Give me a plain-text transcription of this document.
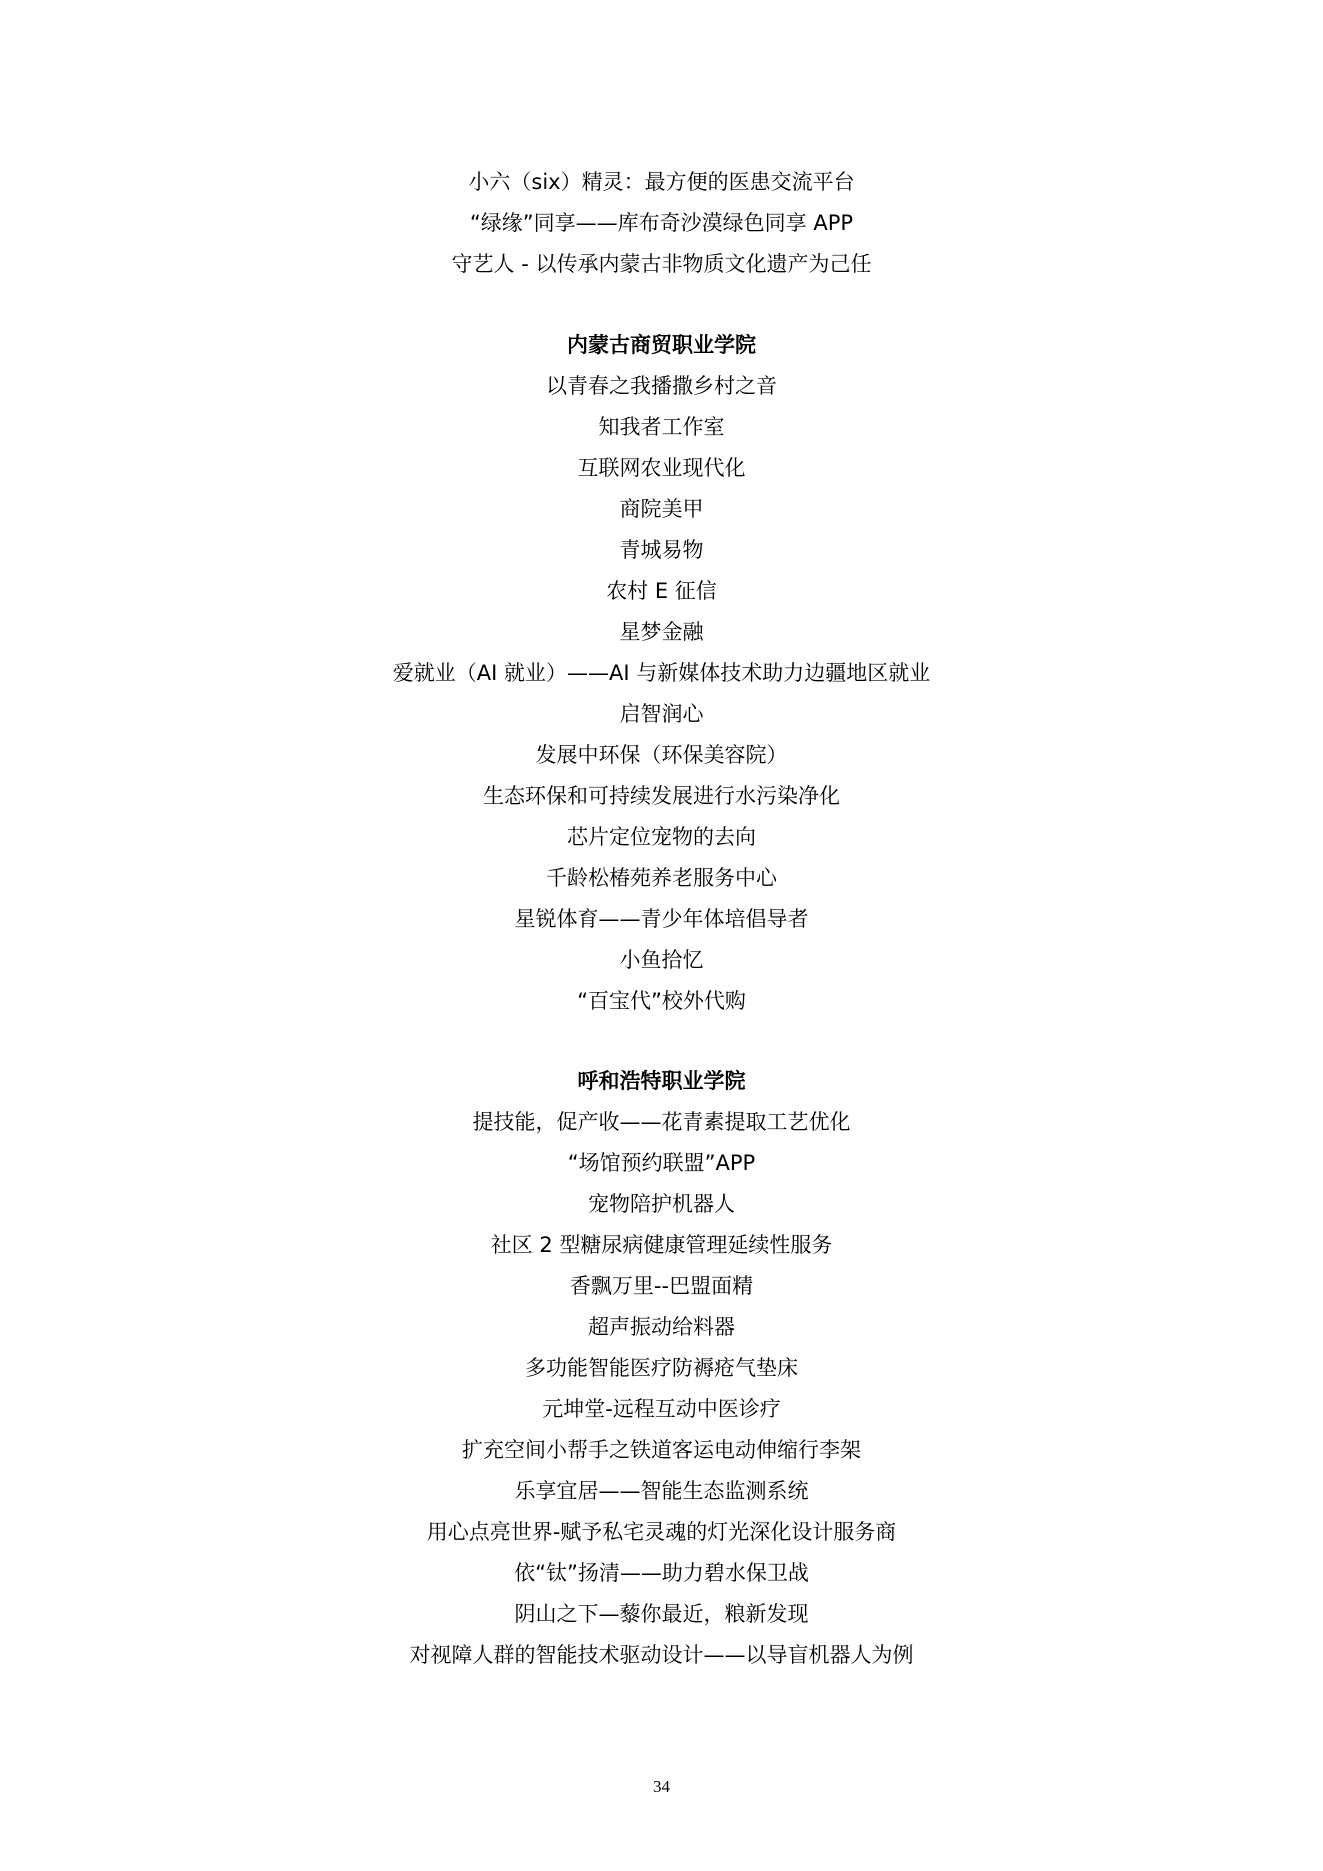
小六（six）精灵：最方便的医患交流平台
“绿缘”同享——库布奇沙漠绿色同享 APP
守艺人 - 以传承内蒙古非物质文化遗产为己任
内蒙古商贸职业学院
以青春之我播撒乡村之音
知我者工作室
互联网农业现代化
商院美甲
青城易物
农村 E 征信
星梦金融
爱就业（AI 就业）——AI 与新媒体技术助力边疆地区就业
启智润心
发展中环保（环保美容院）
生态环保和可持续发展进行水污染净化
芯片定位宠物的去向
千龄松椿苑养老服务中心
星锐体育——青少年体培倡导者
小鱼拾忆
“百宝代”校外代购
呼和浩特职业学院
提技能，促产收——花青素提取工艺优化
“场馆预约联盟”APP
宠物陪护机器人
社区 2 型糖尿病健康管理延续性服务
香飘万里--巴盟面精
超声振动给料器
多功能智能医疗防褥疮气垫床
元坤堂-远程互动中医诊疗
扩充空间小帮手之铁道客运电动伸缩行李架
乐享宜居——智能生态监测系统
用心点亮世界-赋予私宅灵魂的灯光深化设计服务商
依“钛”扬清——助力碧水保卫战
阴山之下—藜你最近，粮新发现
对视障人群的智能技术驱动设计——以导盲机器人为例
34
